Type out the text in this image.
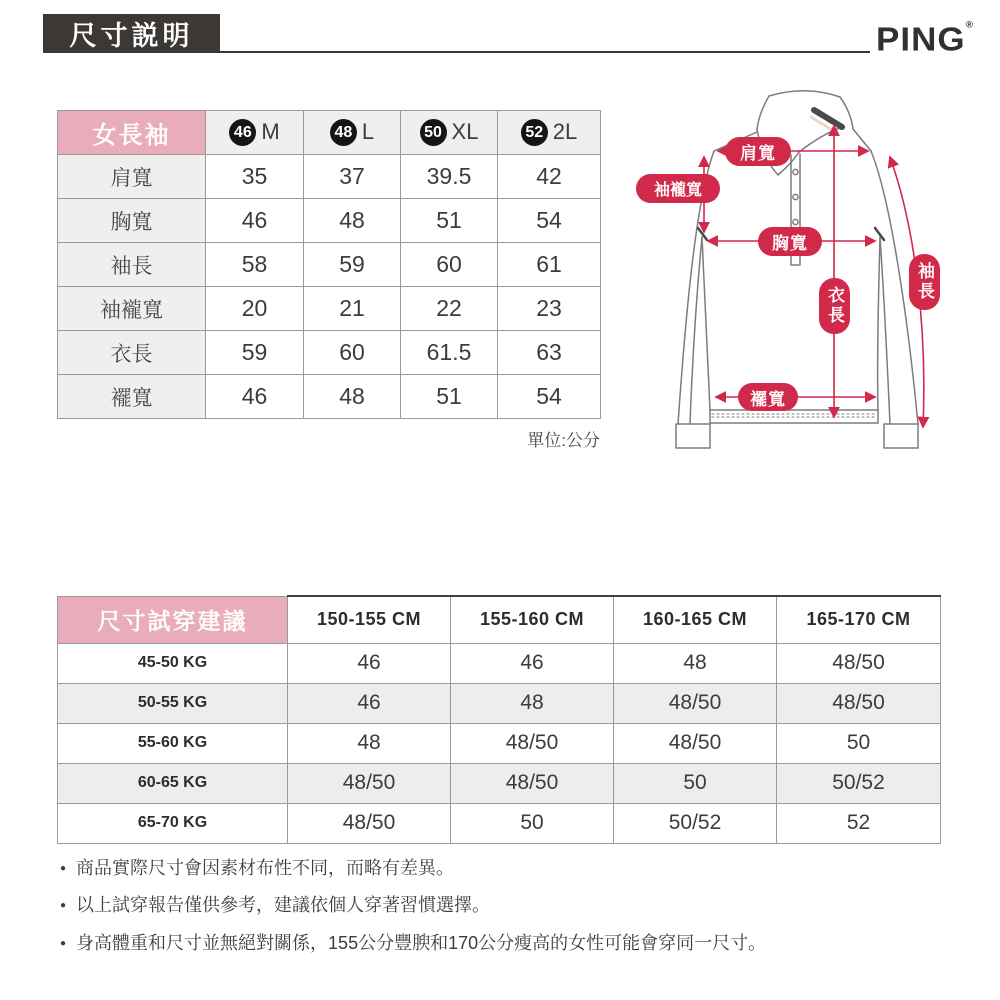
尺寸説明	PING®
女長袖	46 M	48 L	50 XL	52 2L
肩寬	35	37	39.5	42
胸寬	46	48	51	54
袖長	58	59	60	61
袖襱寬	20	21	22	23
衣長	59	60	61.5	63
襬寬	46	48	51	54
單位:公分
肩寬
袖襱寬
胸寬
衣長
袖長
襬寬
尺寸試穿建議	150-155 CM	155-160 CM	160-165 CM	165-170 CM
45-50 KG	46	46	48	48/50
50-55 KG	46	48	48/50	48/50
55-60 KG	48	48/50	48/50	50
60-65 KG	48/50	48/50	50	50/52
65-70 KG	48/50	50	50/52	52
● 商品實際尺寸會因素材布性不同，而略有差異。
● 以上試穿報告僅供參考，建議依個人穿著習慣選擇。
● 身高體重和尺寸並無絕對關係，155公分豐腴和170公分瘦高的女性可能會穿同一尺寸。
